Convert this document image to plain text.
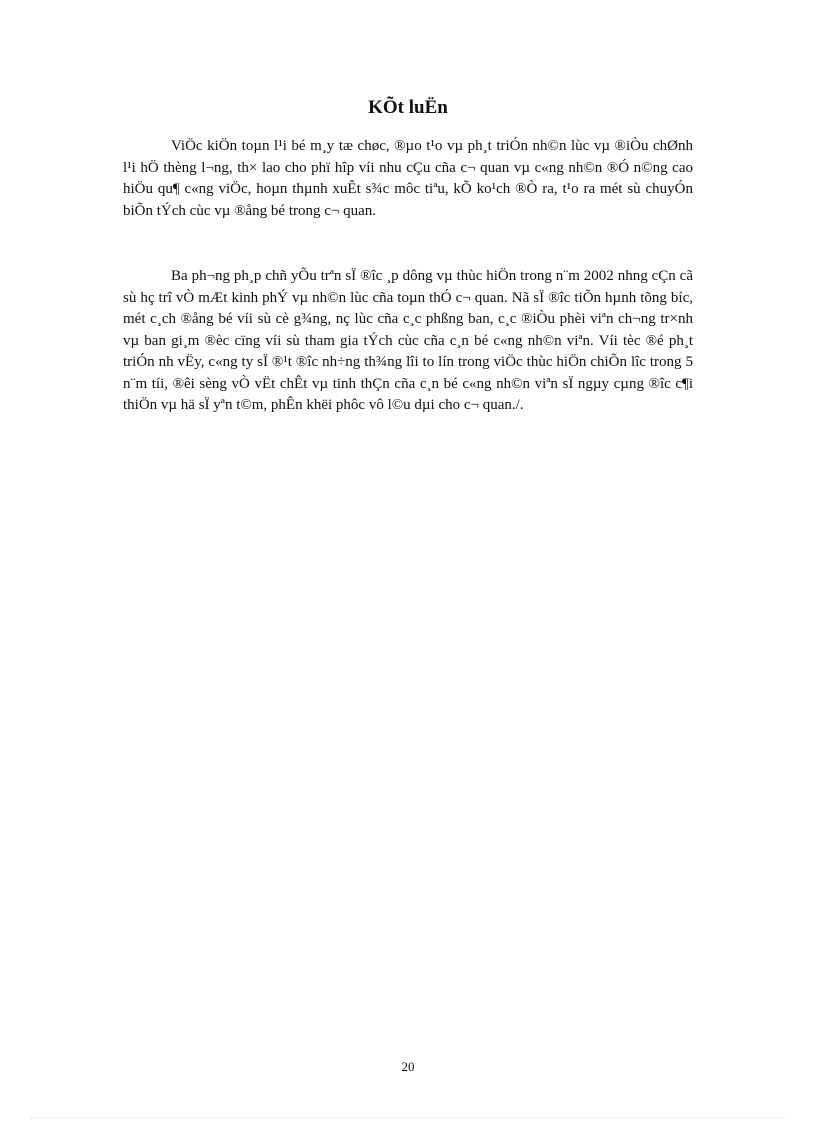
KÕt luËn

ViÖc kiÖn toµn l¹i bé m¸y tæ chøc, ®µo t¹o vµ ph¸t triÓn nh©n lùc vµ ®iÒu chØnh l¹i hÖ thèng l¬ng, th× lao cho phï hîp víi nhu cÇu cña c¬ quan vµ c«ng nh©n ®Ó n©ng cao hiÖu qu¶ c«ng viÖc, hoµn thµnh xuÊt s¾c môc tiªu, kÕ ko¹ch ®Ò ra, t¹o ra mét sù chuyÓn biÕn tÝch cùc vµ ®ång bé trong c¬ quan.

Ba ph¬ng ph¸p chñ yÕu trªn sÏ ®îc ¸p dông vµ thùc hiÖn trong n¨m 2002 nhng cÇn cã sù hç trî vÒ mÆt kinh phÝ vµ nh©n lùc cña toµn thÓ c¬ quan. Nã sÏ ®îc tiÕn hµnh tõng bíc, mét c¸ch ®ång bé víi sù cè g¾ng, nç lùc cña c¸c phßng ban, c¸c ®iÒu phèi viªn ch¬ng tr×nh vµ ban gi¸m ®èc cïng víi sù tham gia tÝch cùc cña c¸n bé c«ng nh©n viªn. Víi tèc ®é ph¸t triÓn nh vËy, c«ng ty sÏ ®¹t ®îc nh÷ng th¾ng lîi to lín trong viÖc thùc hiÖn chiÕn lîc trong 5 n¨m tíi, ®êi sèng vÒ vËt chÊt vµ tinh thÇn cña c¸n bé c«ng nh©n viªn sÏ ngµy cµng ®îc c¶i thiÖn vµ hä sÏ yªn t©m, phÊn khëi phôc vô l©u dµi cho c¬ quan./.

20
